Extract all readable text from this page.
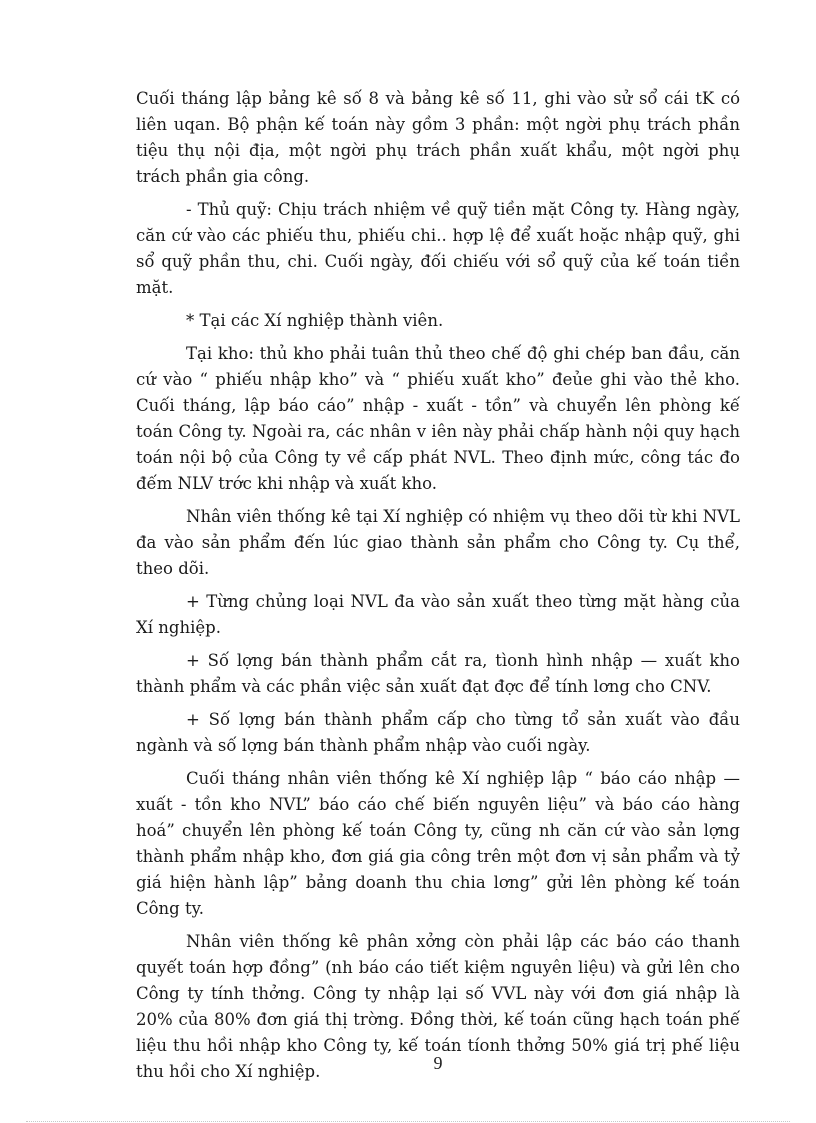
Cuối tháng lập bảng kê số 8 và bảng kê số 11, ghi vào sử sổ cái tK có liên uqan. Bộ phận kế toán này gồm 3 phần: một ngời phụ trách phần tiệu thụ nội địa, một ngời phụ trách phần xuất khẩu, một ngời phụ trách phần gia công.

- Thủ quỹ: Chịu trách nhiệm về quỹ tiền mặt Công ty. Hàng ngày, căn cứ vào các phiếu thu, phiếu chi.. hợp lệ để xuất hoặc nhập quỹ, ghi sổ quỹ phần thu, chi. Cuối ngày, đối chiếu với sổ quỹ của kế toán tiền mặt.

* Tại các Xí nghiệp thành viên.

Tại kho: thủ kho phải tuân thủ theo chế độ ghi chép ban đầu, căn cứ vào “ phiếu nhập kho” và “ phiếu xuất kho” đeủe ghi vào thẻ kho. Cuối tháng, lập báo cáo” nhập - xuất - tồn” và chuyển lên phòng kế toán Công ty. Ngoài ra, các nhân v iên này phải chấp hành nội quy hạch toán nội bộ của Công ty về cấp phát NVL. Theo định mức, công tác đo đếm NLV trớc khi nhập và xuất kho.

Nhân viên thống kê tại Xí nghiệp có nhiệm vụ theo dõi từ khi NVL đa vào sản phẩm đến lúc giao thành sản phẩm cho Công ty. Cụ thể, theo dõi.

+ Từng chủng loại NVL đa vào sản xuất theo từng mặt hàng của Xí nghiệp.

+ Số lợng bán thành phẩm cắt ra, tìonh hình nhập — xuất kho thành phẩm và các phần việc sản xuất đạt đợc để tính lơng cho CNV.

+ Số lợng bán thành phẩm cấp cho từng tổ sản xuất vào đầu ngành và số lợng bán thành phẩm nhập vào cuối ngày.

Cuối tháng nhân viên thống kê Xí nghiệp lập “ báo cáo nhập — xuất - tồn kho NVL” báo cáo chế biến nguyên liệu” và báo cáo hàng hoá” chuyển lên phòng kế toán Công ty, cũng nh căn cứ vào sản lợng thành phẩm nhập kho, đơn giá gia công trên một đơn vị sản phẩm và tỷ giá hiện hành lập” bảng doanh thu chia lơng” gửi lên phòng kế toán Công ty.

Nhân viên thống kê phân xởng còn phải lập các báo cáo thanh quyết toán hợp đồng” (nh báo cáo tiết kiệm nguyên liệu) và gửi lên cho Công ty tính thởng. Công ty nhập lại số VVL này với đơn giá nhập là 20% của 80% đơn giá thị trờng. Đồng thời, kế toán cũng hạch toán phế liệu thu hồi nhập kho Công ty, kế toán tíonh thởng 50% giá trị phế liệu thu hồi cho Xí nghiệp.	9
